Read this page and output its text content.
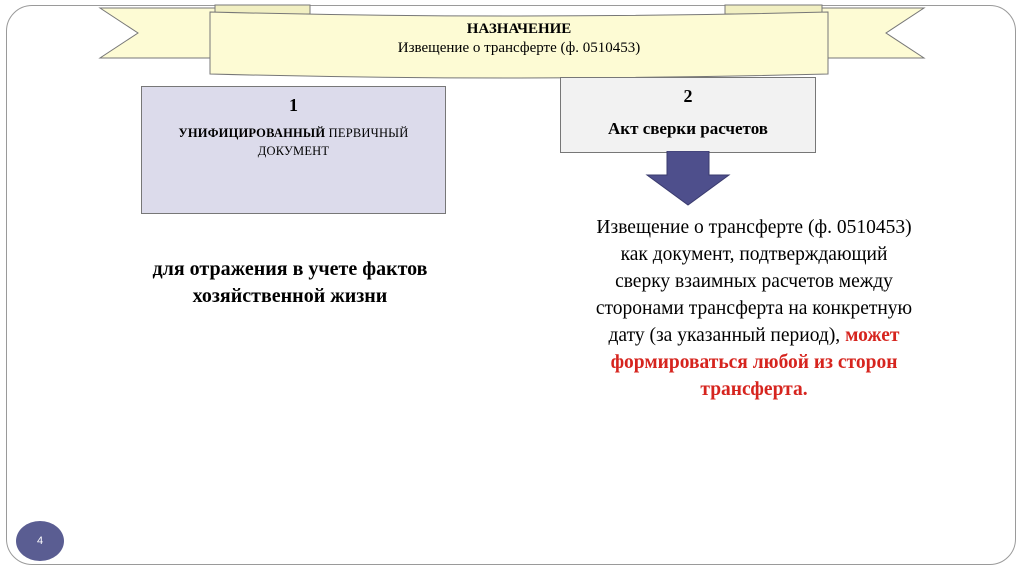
НАЗНАЧЕНИЕ
Извещение о трансферте (ф. 0510453)
1
УНИФИЦИРОВАННЫЙ ПЕРВИЧНЫЙ ДОКУМЕНТ
2
Акт сверки расчетов
для отражения в учете фактов хозяйственной жизни
Извещение о трансферте (ф. 0510453) как документ, подтверждающий сверку взаимных расчетов между сторонами трансферта на конкретную дату (за указанный период), может формироваться любой из сторон трансферта.
4
